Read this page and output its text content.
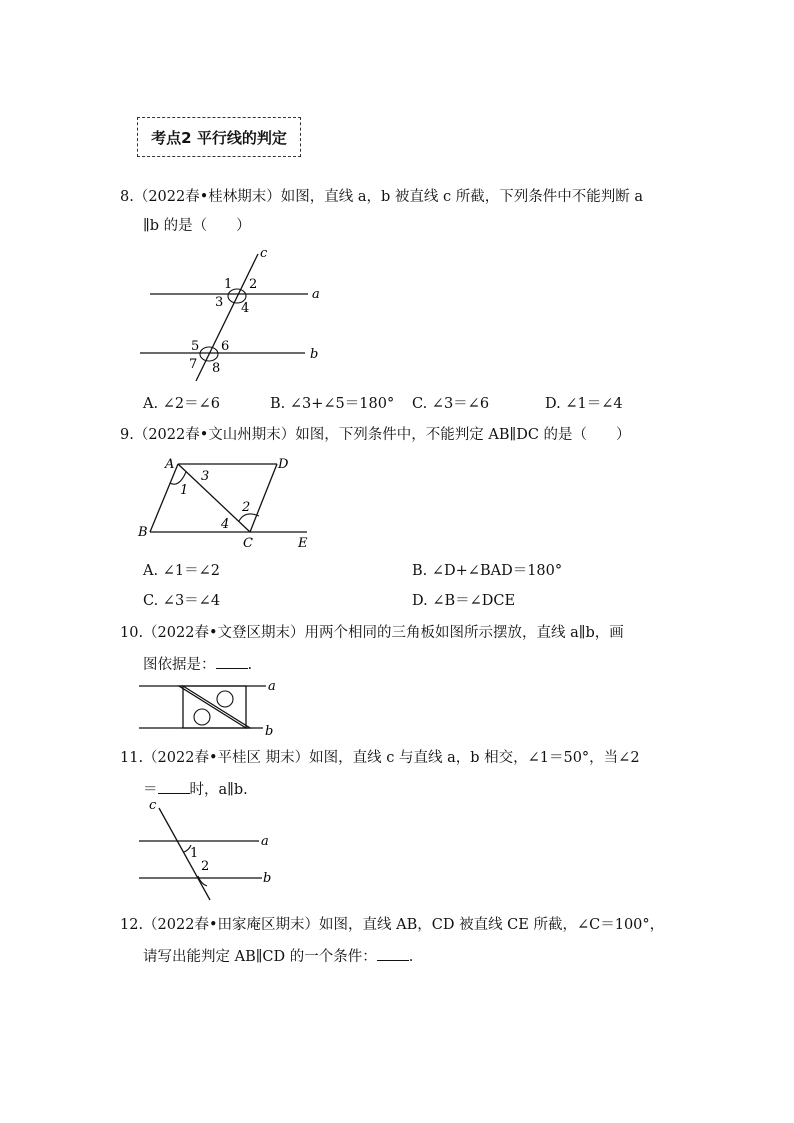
考点2 平行线的判定
8.（2022春•桂林期末）如图，直线 a，b 被直线 c 所截，下列条件中不能判断 a
∥b 的是（　　）
c
a
b
1 2
3 4
5 6
7 8
A. ∠2＝∠6	B. ∠3+∠5＝180° C. ∠3＝∠6	D. ∠1＝∠4
9.（2022春•文山州期末）如图，下列条件中，不能判定 AB∥DC 的是（　　）
A	D
B
C	E
1
3
2
4
A. ∠1＝∠2	B. ∠D+∠BAD＝180°
C. ∠3＝∠4	D. ∠B＝∠DCE
10.（2022春•文登区期末）用两个相同的三角板如图所示摆放，直线 a∥b，画
图依据是： .
a
b
11.（2022春•平桂区 期末）如图，直线 c 与直线 a，b 相交，∠1＝50°，当∠2
＝ 时，a∥b.
c
a
b
1
2
12.（2022春•田家庵区期末）如图，直线 AB，CD 被直线 CE 所截，∠C＝100°，
请写出能判定 AB∥CD 的一个条件： .
